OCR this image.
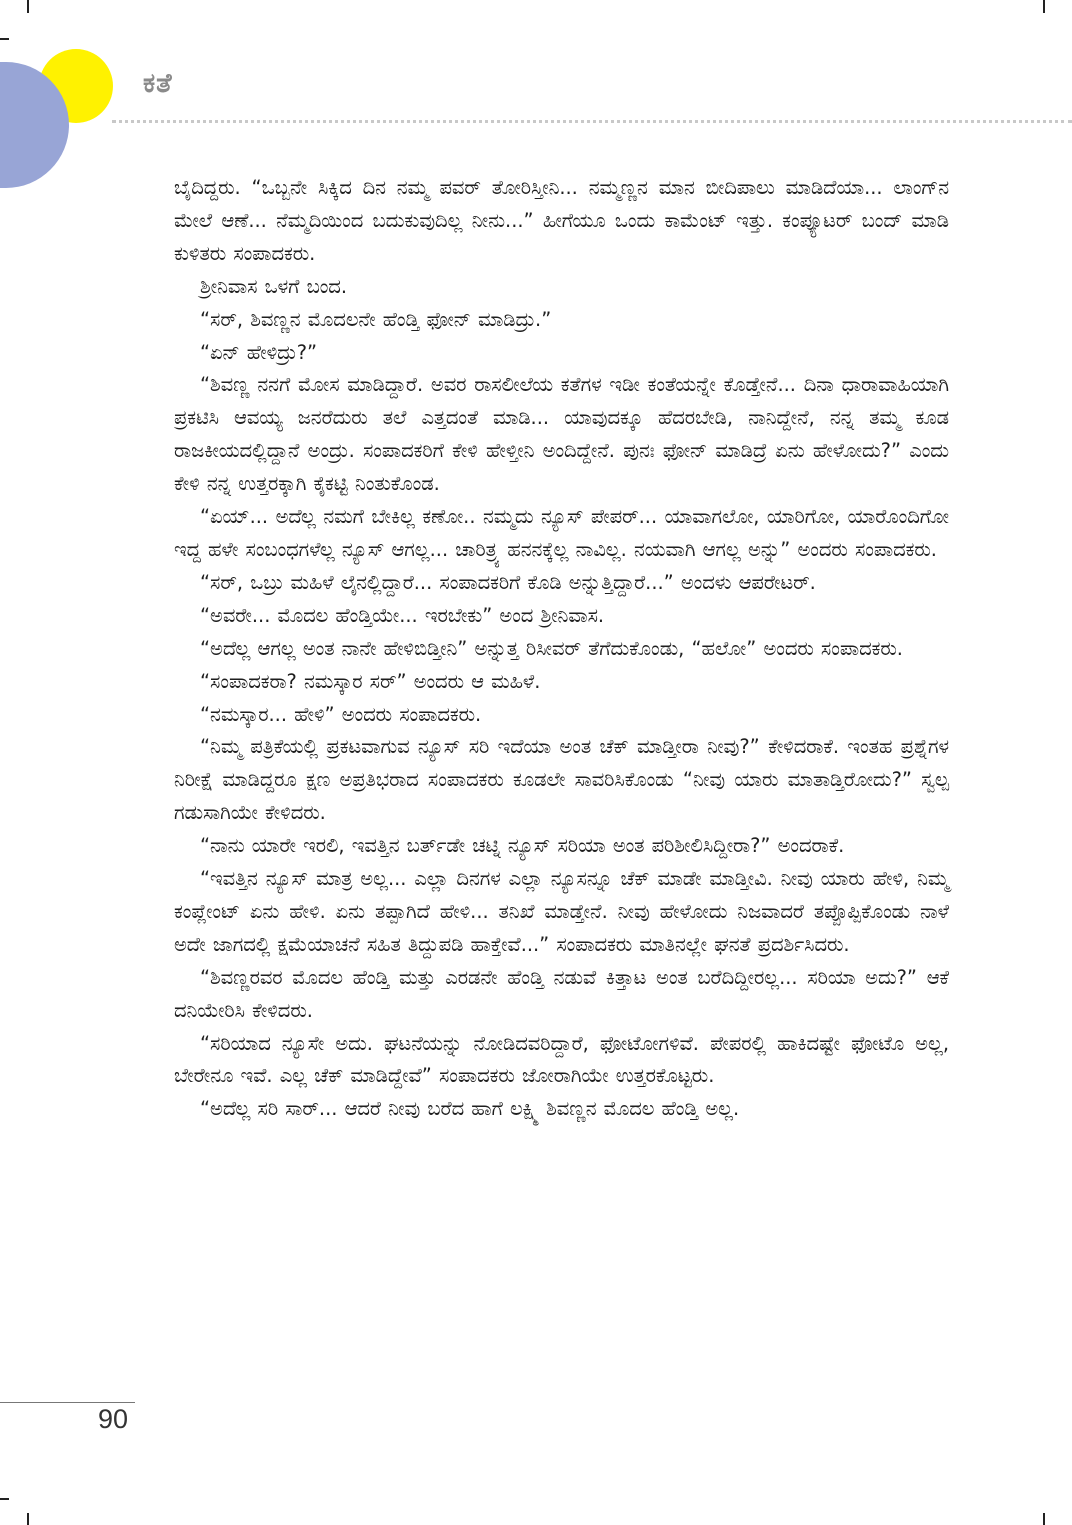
ಕತೆ

ಬೈದಿದ್ದರು. “ಒಬ್ಬನೇ ಸಿಕ್ಕಿದ ದಿನ ನಮ್ಮ ಪವರ್ ತೋರಿಸ್ತೀನಿ... ನಮ್ಮಣ್ಣನ ಮಾನ ಬೀದಿಪಾಲು ಮಾಡಿದೆಯಾ... ಲಾಂಗ್‌ನ ಮೇಲೆ ಆಣೆ... ನೆಮ್ಮದಿಯಿಂದ ಬದುಕುವುದಿಲ್ಲ ನೀನು...” ಹೀಗೆಯೂ ಒಂದು ಕಾಮೆಂಟ್ ಇತ್ತು. ಕಂಪ್ಯೂಟರ್ ಬಂದ್ ಮಾಡಿ ಕುಳಿತರು ಸಂಪಾದಕರು.

ಶ್ರೀನಿವಾಸ ಒಳಗೆ ಬಂದ.

“ಸರ್, ಶಿವಣ್ಣನ ಮೊದಲನೇ ಹೆಂಡ್ತಿ ಫೋನ್ ಮಾಡಿದ್ರು.”

“ಏನ್ ಹೇಳಿದ್ರು?”

“ಶಿವಣ್ಣ ನನಗೆ ಮೋಸ ಮಾಡಿದ್ದಾರೆ. ಅವರ ರಾಸಲೀಲೆಯ ಕತೆಗಳ ಇಡೀ ಕಂತೆಯನ್ನೇ ಕೊಡ್ತೇನೆ... ದಿನಾ ಧಾರಾವಾಹಿಯಾಗಿ ಪ್ರಕಟಿಸಿ ಆವಯ್ಯ ಜನರೆದುರು ತಲೆ ಎತ್ತದಂತೆ ಮಾಡಿ... ಯಾವುದಕ್ಕೂ ಹೆದರಬೇಡಿ, ನಾನಿದ್ದೇನೆ, ನನ್ನ ತಮ್ಮ ಕೂಡ ರಾಜಕೀಯದಲ್ಲಿದ್ದಾನೆ ಅಂದ್ರು. ಸಂಪಾದಕರಿಗೆ ಕೇಳಿ ಹೇಳ್ತೀನಿ ಅಂದಿದ್ದೇನೆ. ಪುನಃ ಫೋನ್ ಮಾಡಿದ್ರೆ ಏನು ಹೇಳೋದು?” ಎಂದು ಕೇಳಿ ನನ್ನ ಉತ್ತರಕ್ಕಾಗಿ ಕೈಕಟ್ಟಿ ನಿಂತುಕೊಂಡ.

“ಏಯ್... ಅದೆಲ್ಲ ನಮಗೆ ಬೇಕಿಲ್ಲ ಕಣೋ.. ನಮ್ಮದು ನ್ಯೂಸ್ ಪೇಪರ್... ಯಾವಾಗಲೋ, ಯಾರಿಗೋ, ಯಾರೊಂದಿಗೋ ಇದ್ದ ಹಳೇ ಸಂಬಂಧಗಳೆಲ್ಲ ನ್ಯೂಸ್ ಆಗಲ್ಲ... ಚಾರಿತ್ರ್ಯ ಹನನಕ್ಕೆಲ್ಲ ನಾವಿಲ್ಲ. ನಯವಾಗಿ ಆಗಲ್ಲ ಅನ್ನು” ಅಂದರು ಸಂಪಾದಕರು.

“ಸರ್, ಒಬ್ರು ಮಹಿಳೆ ಲೈನಲ್ಲಿದ್ದಾರೆ... ಸಂಪಾದಕರಿಗೆ ಕೊಡಿ ಅನ್ನುತ್ತಿದ್ದಾರೆ...” ಅಂದಳು ಆಪರೇಟರ್.

“ಅವರೇ... ಮೊದಲ ಹೆಂಡ್ತಿಯೇ... ಇರಬೇಕು” ಅಂದ ಶ್ರೀನಿವಾಸ.

“ಅದೆಲ್ಲ ಆಗಲ್ಲ ಅಂತ ನಾನೇ ಹೇಳಿಬಿಡ್ತೀನಿ” ಅನ್ನುತ್ತ ರಿಸೀವರ್ ತೆಗೆದುಕೊಂಡು, “ಹಲೋ” ಅಂದರು ಸಂಪಾದಕರು.

“ಸಂಪಾದಕರಾ? ನಮಸ್ಕಾರ ಸರ್” ಅಂದರು ಆ ಮಹಿಳೆ.

“ನಮಸ್ಕಾರ... ಹೇಳಿ” ಅಂದರು ಸಂಪಾದಕರು.

“ನಿಮ್ಮ ಪತ್ರಿಕೆಯಲ್ಲಿ ಪ್ರಕಟವಾಗುವ ನ್ಯೂಸ್ ಸರಿ ಇದೆಯಾ ಅಂತ ಚೆಕ್ ಮಾಡ್ತೀರಾ ನೀವು?” ಕೇಳಿದರಾಕೆ. ಇಂತಹ ಪ್ರಶ್ನೆಗಳ ನಿರೀಕ್ಷೆ ಮಾಡಿದ್ದರೂ ಕ್ಷಣ ಅಪ್ರತಿಭರಾದ ಸಂಪಾದಕರು ಕೂಡಲೇ ಸಾವರಿಸಿಕೊಂಡು “ನೀವು ಯಾರು ಮಾತಾಡ್ತಿರೋದು?” ಸ್ವಲ್ಪ ಗಡುಸಾಗಿಯೇ ಕೇಳಿದರು.

“ನಾನು ಯಾರೇ ಇರಲಿ, ಇವತ್ತಿನ ಬರ್ತ್‌ಡೇ ಚಟ್ನಿ ನ್ಯೂಸ್ ಸರಿಯಾ ಅಂತ ಪರಿಶೀಲಿಸಿದ್ದೀರಾ?” ಅಂದರಾಕೆ.

“ಇವತ್ತಿನ ನ್ಯೂಸ್ ಮಾತ್ರ ಅಲ್ಲ... ಎಲ್ಲಾ ದಿನಗಳ ಎಲ್ಲಾ ನ್ಯೂಸನ್ನೂ ಚೆಕ್ ಮಾಡೇ ಮಾಡ್ತೀವಿ. ನೀವು ಯಾರು ಹೇಳಿ, ನಿಮ್ಮ ಕಂಪ್ಲೇಂಟ್ ಏನು ಹೇಳಿ. ಏನು ತಪ್ಪಾಗಿದೆ ಹೇಳಿ... ತನಿಖೆ ಮಾಡ್ತೇನೆ. ನೀವು ಹೇಳೋದು ನಿಜವಾದರೆ ತಪ್ಪೊಪ್ಪಿಕೊಂಡು ನಾಳೆ ಅದೇ ಜಾಗದಲ್ಲಿ ಕ್ಷಮೆಯಾಚನೆ ಸಹಿತ ತಿದ್ದುಪಡಿ ಹಾಕ್ತೇವೆ...” ಸಂಪಾದಕರು ಮಾತಿನಲ್ಲೇ ಘನತೆ ಪ್ರದರ್ಶಿಸಿದರು.

“ಶಿವಣ್ಣರವರ ಮೊದಲ ಹೆಂಡ್ತಿ ಮತ್ತು ಎರಡನೇ ಹೆಂಡ್ತಿ ನಡುವೆ ಕಿತ್ತಾಟ ಅಂತ ಬರೆದಿದ್ದೀರಲ್ಲ... ಸರಿಯಾ ಅದು?” ಆಕೆ ದನಿಯೇರಿಸಿ ಕೇಳಿದರು.

“ಸರಿಯಾದ ನ್ಯೂಸೇ ಅದು. ಘಟನೆಯನ್ನು ನೋಡಿದವರಿದ್ದಾರೆ, ಫೋಟೋಗಳಿವೆ. ಪೇಪರಲ್ಲಿ ಹಾಕಿದಷ್ಟೇ ಫೋಟೊ ಅಲ್ಲ, ಬೇರೇನೂ ಇವೆ. ಎಲ್ಲ ಚೆಕ್ ಮಾಡಿದ್ದೇವೆ” ಸಂಪಾದಕರು ಜೋರಾಗಿಯೇ ಉತ್ತರಕೊಟ್ಟರು.

“ಅದೆಲ್ಲ ಸರಿ ಸಾರ್... ಆದರೆ ನೀವು ಬರೆದ ಹಾಗೆ ಲಕ್ಷ್ಮಿ ಶಿವಣ್ಣನ ಮೊದಲ ಹೆಂಡ್ತಿ ಅಲ್ಲ.

90
